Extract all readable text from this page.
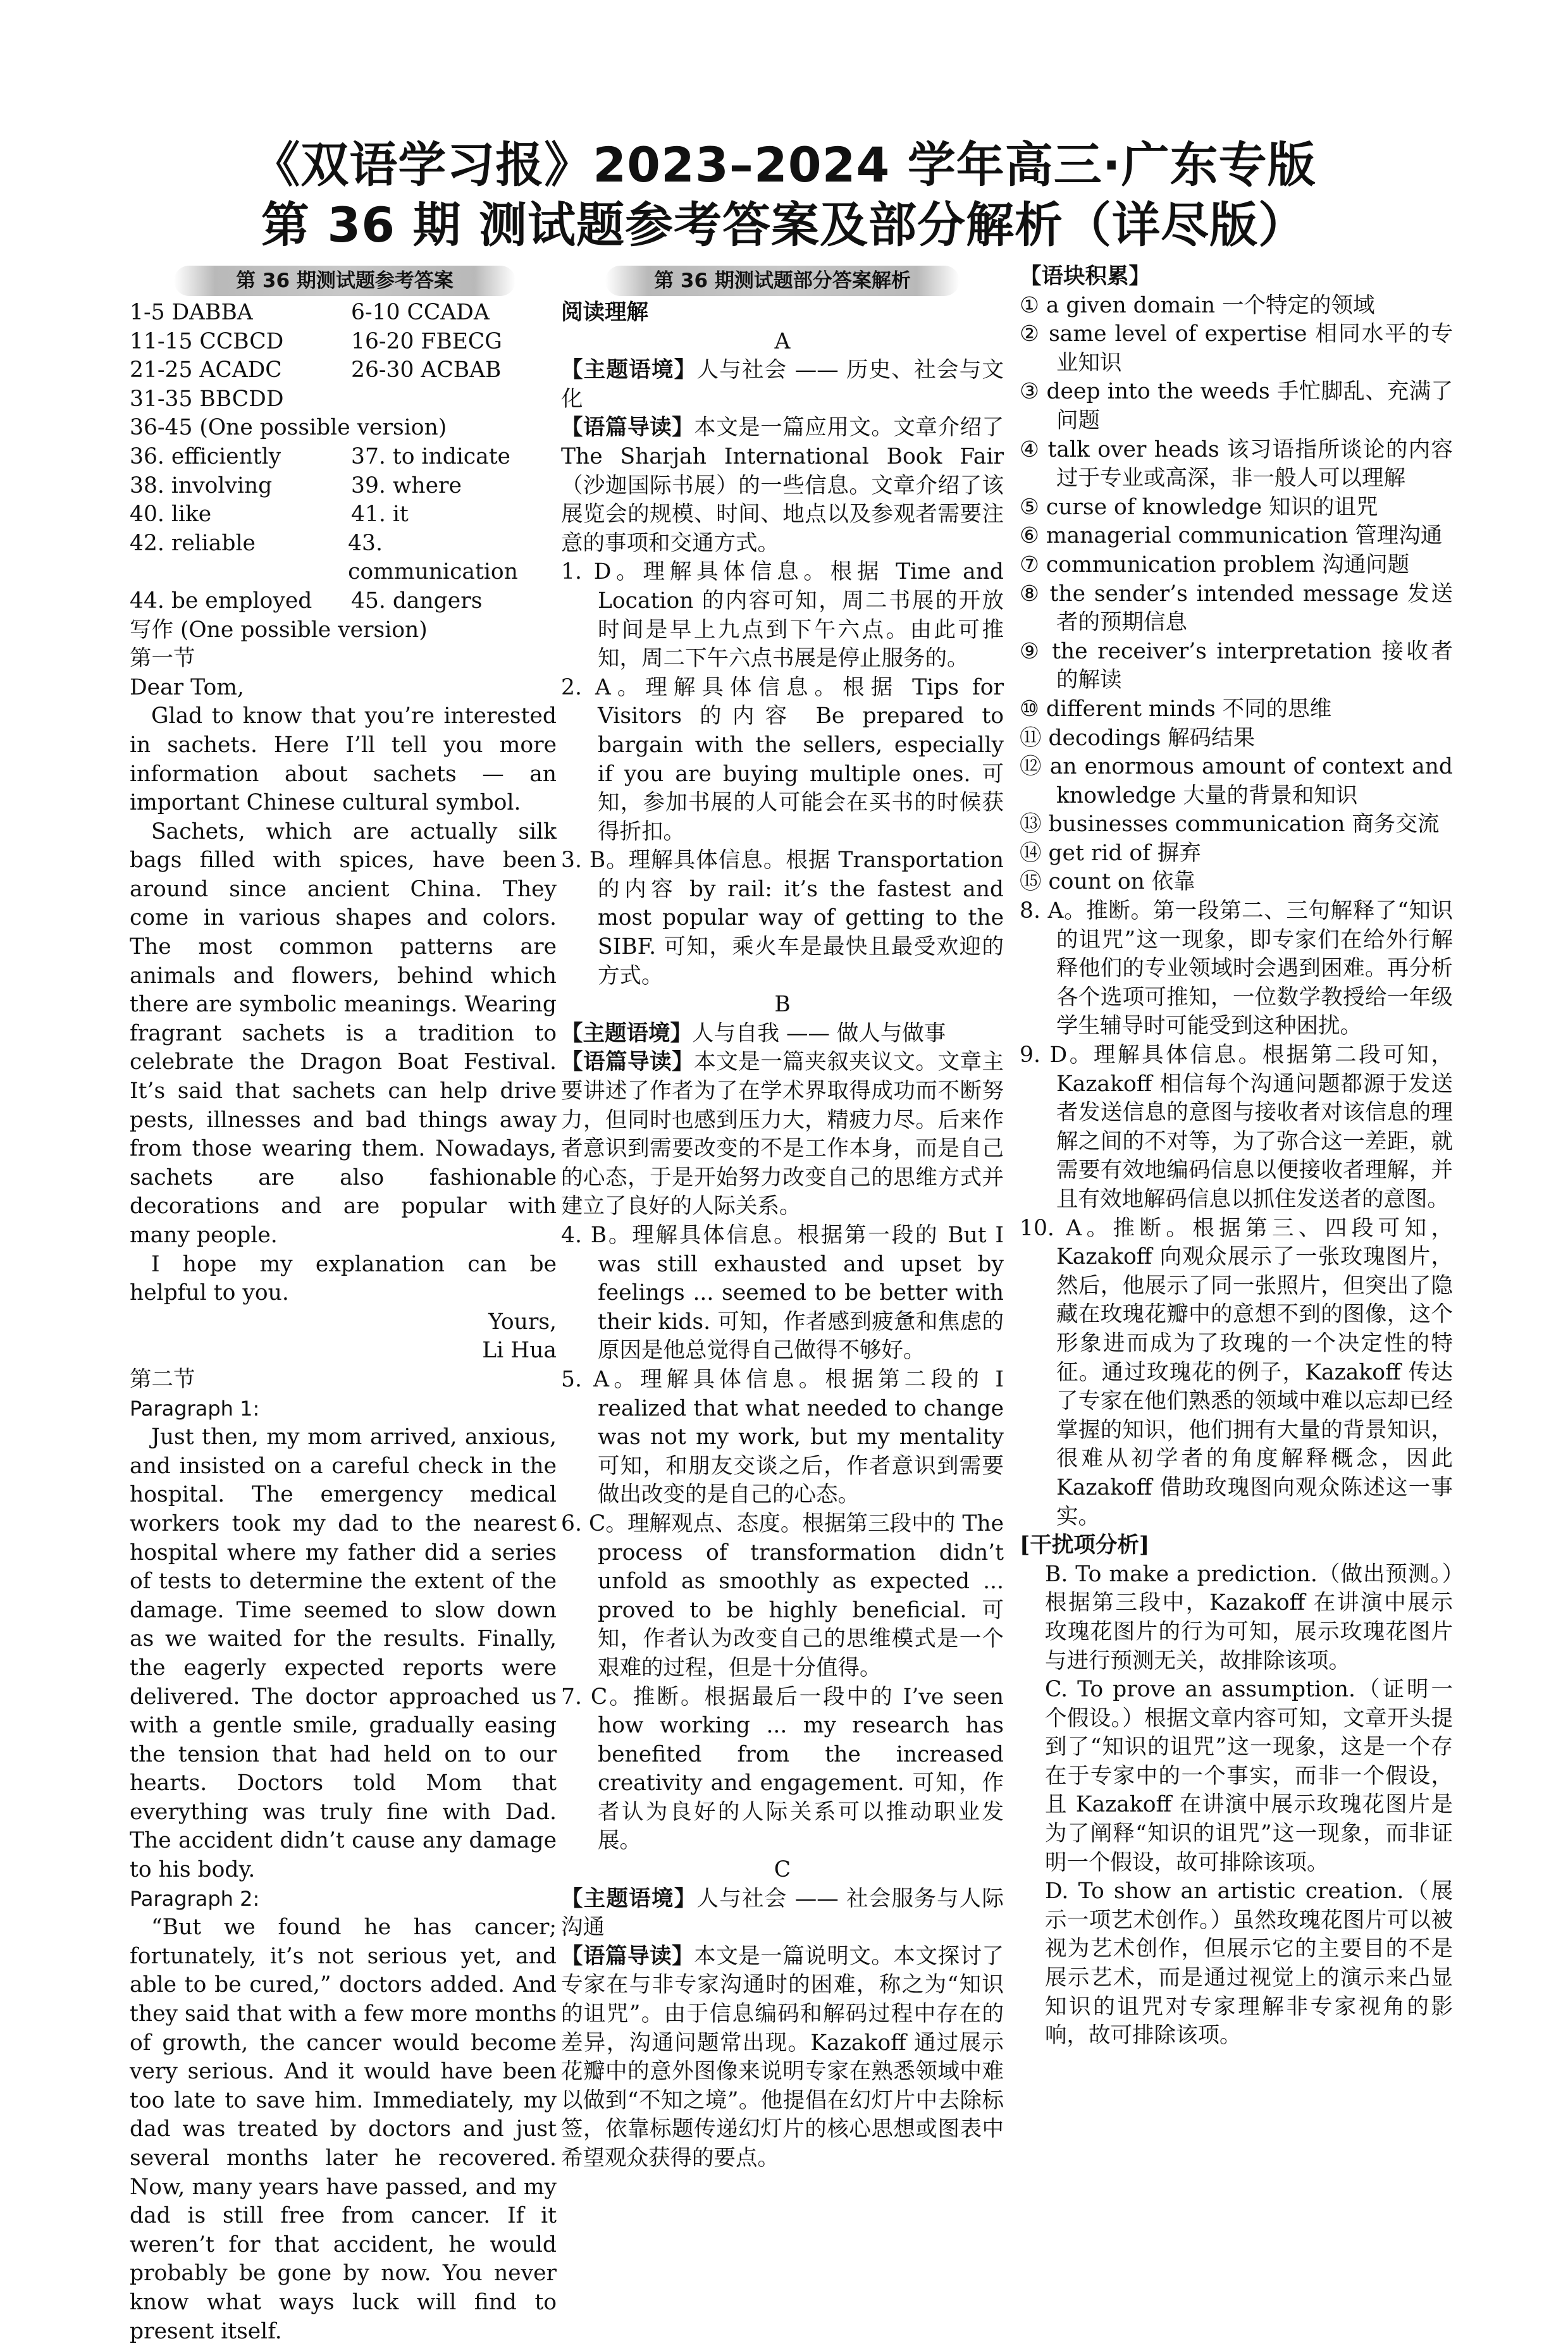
《双语学习报》2023–2024 学年高三·广东专版
第 36 期 测试题参考答案及部分解析（详尽版）
第 36 期测试题参考答案
1-5 DABBA	6-10 CCADA
11-15 CCBCD	16-20 FBECG
21-25 ACADC	26-30 ACBAB
31-35 BBCDD
36-45 (One possible version)
36. efficiently	37. to indicate
38. involving	39. where
40. like	41. it
42. reliable	43. communication
44. be employed	45. dangers
写作 (One possible version)
第一节
Dear Tom,
Glad to know that you’re interested in sachets. Here I’ll tell you more information about sachets — an important Chinese cultural symbol.
Sachets, which are actually silk bags filled with spices, have been around since ancient China. They come in various shapes and colors. The most common patterns are animals and flowers, behind which there are symbolic meanings. Wearing fragrant sachets is a tradition to celebrate the Dragon Boat Festival. It’s said that sachets can help drive pests, illnesses and bad things away from those wearing them. Nowadays, sachets are also fashionable decorations and are popular with many people.
I hope my explanation can be helpful to you.
Yours,
Li Hua
第二节
Paragraph 1:
Just then, my mom arrived, anxious, and insisted on a careful check in the hospital. The emergency medical workers took my dad to the nearest hospital where my father did a series of tests to determine the extent of the damage. Time seemed to slow down as we waited for the results. Finally, the eagerly expected reports were delivered. The doctor approached us with a gentle smile, gradually easing the tension that had held on to our hearts. Doctors told Mom that everything was truly fine with Dad. The accident didn’t cause any damage to his body.
Paragraph 2:
“But we found he has cancer; fortunately, it’s not serious yet, and able to be cured,” doctors added. And they said that with a few more months of growth, the cancer would become very serious. And it would have been too late to save him. Immediately, my dad was treated by doctors and just several months later he recovered. Now, many years have passed, and my dad is still free from cancer. If it weren’t for that accident, he would probably be gone by now. You never know what ways luck will find to present itself.
第 36 期测试题部分答案解析
阅读理解
A
【主题语境】人与社会 —— 历史、社会与文化
【语篇导读】本文是一篇应用文。文章介绍了 The Sharjah International Book Fair（沙迦国际书展）的一些信息。文章介绍了该展览会的规模、时间、地点以及参观者需要注意的事项和交通方式。
1. D。理解具体信息。根据 Time and Location 的内容可知，周二书展的开放时间是早上九点到下午六点。由此可推知，周二下午六点书展是停止服务的。
2. A。理解具体信息。根据 Tips for Visitors 的内容 Be prepared to bargain with the sellers, especially if you are buying multiple ones. 可知，参加书展的人可能会在买书的时候获得折扣。
3. B。理解具体信息。根据 Transportation 的内容 by rail: it’s the fastest and most popular way of getting to the SIBF. 可知，乘火车是最快且最受欢迎的方式。
B
【主题语境】人与自我 —— 做人与做事
【语篇导读】本文是一篇夹叙夹议文。文章主要讲述了作者为了在学术界取得成功而不断努力，但同时也感到压力大，精疲力尽。后来作者意识到需要改变的不是工作本身，而是自己的心态，于是开始努力改变自己的思维方式并建立了良好的人际关系。
4. B。理解具体信息。根据第一段的 But I was still exhausted and upset by feelings ... seemed to be better with their kids. 可知，作者感到疲惫和焦虑的原因是他总觉得自己做得不够好。
5. A。理解具体信息。根据第二段的 I realized that what needed to change was not my work, but my mentality 可知，和朋友交谈之后，作者意识到需要做出改变的是自己的心态。
6. C。理解观点、态度。根据第三段中的 The process of transformation didn’t unfold as smoothly as expected ... proved to be highly beneficial. 可知，作者认为改变自己的思维模式是一个艰难的过程，但是十分值得。
7. C。推断。根据最后一段中的 I’ve seen how working ... my research has benefited from the increased creativity and engagement. 可知，作者认为良好的人际关系可以推动职业发展。
C
【主题语境】人与社会 —— 社会服务与人际沟通
【语篇导读】本文是一篇说明文。本文探讨了专家在与非专家沟通时的困难，称之为“知识的诅咒”。由于信息编码和解码过程中存在的差异，沟通问题常出现。Kazakoff 通过展示花瓣中的意外图像来说明专家在熟悉领域中难以做到“不知之境”。他提倡在幻灯片中去除标签，依靠标题传递幻灯片的核心思想或图表中希望观众获得的要点。
【语块积累】
① a given domain 一个特定的领域
② same level of expertise 相同水平的专业知识
③ deep into the weeds 手忙脚乱、充满了问题
④ talk over heads 该习语指所谈论的内容过于专业或高深，非一般人可以理解
⑤ curse of knowledge 知识的诅咒
⑥ managerial communication 管理沟通
⑦ communication problem 沟通问题
⑧ the sender’s intended message 发送者的预期信息
⑨ the receiver’s interpretation 接收者的解读
⑩ different minds 不同的思维
⑪ decodings 解码结果
⑫ an enormous amount of context and knowledge 大量的背景和知识
⑬ businesses communication 商务交流
⑭ get rid of 摒弃
⑮ count on 依靠
8. A。推断。第一段第二、三句解释了“知识的诅咒”这一现象，即专家们在给外行解释他们的专业领域时会遇到困难。再分析各个选项可推知，一位数学教授给一年级学生辅导时可能受到这种困扰。
9. D。理解具体信息。根据第二段可知，Kazakoff 相信每个沟通问题都源于发送者发送信息的意图与接收者对该信息的理解之间的不对等，为了弥合这一差距，就需要有效地编码信息以便接收者理解，并且有效地解码信息以抓住发送者的意图。
10. A。推断。根据第三、四段可知，Kazakoff 向观众展示了一张玫瑰图片，然后，他展示了同一张照片，但突出了隐藏在玫瑰花瓣中的意想不到的图像，这个形象进而成为了玫瑰的一个决定性的特征。通过玫瑰花的例子，Kazakoff 传达了专家在他们熟悉的领域中难以忘却已经掌握的知识，他们拥有大量的背景知识，很难从初学者的角度解释概念，因此 Kazakoff 借助玫瑰图向观众陈述这一事实。
[干扰项分析]
B. To make a prediction.（做出预测。）根据第三段中，Kazakoff 在讲演中展示玫瑰花图片的行为可知，展示玫瑰花图片与进行预测无关，故排除该项。
C. To prove an assumption.（证明一个假设。）根据文章内容可知，文章开头提到了“知识的诅咒”这一现象，这是一个存在于专家中的一个事实，而非一个假设，且 Kazakoff 在讲演中展示玫瑰花图片是为了阐释“知识的诅咒”这一现象，而非证明一个假设，故可排除该项。
D. To show an artistic creation.（展示一项艺术创作。）虽然玫瑰花图片可以被视为艺术创作，但展示它的主要目的不是展示艺术，而是通过视觉上的演示来凸显知识的诅咒对专家理解非专家视角的影响，故可排除该项。
